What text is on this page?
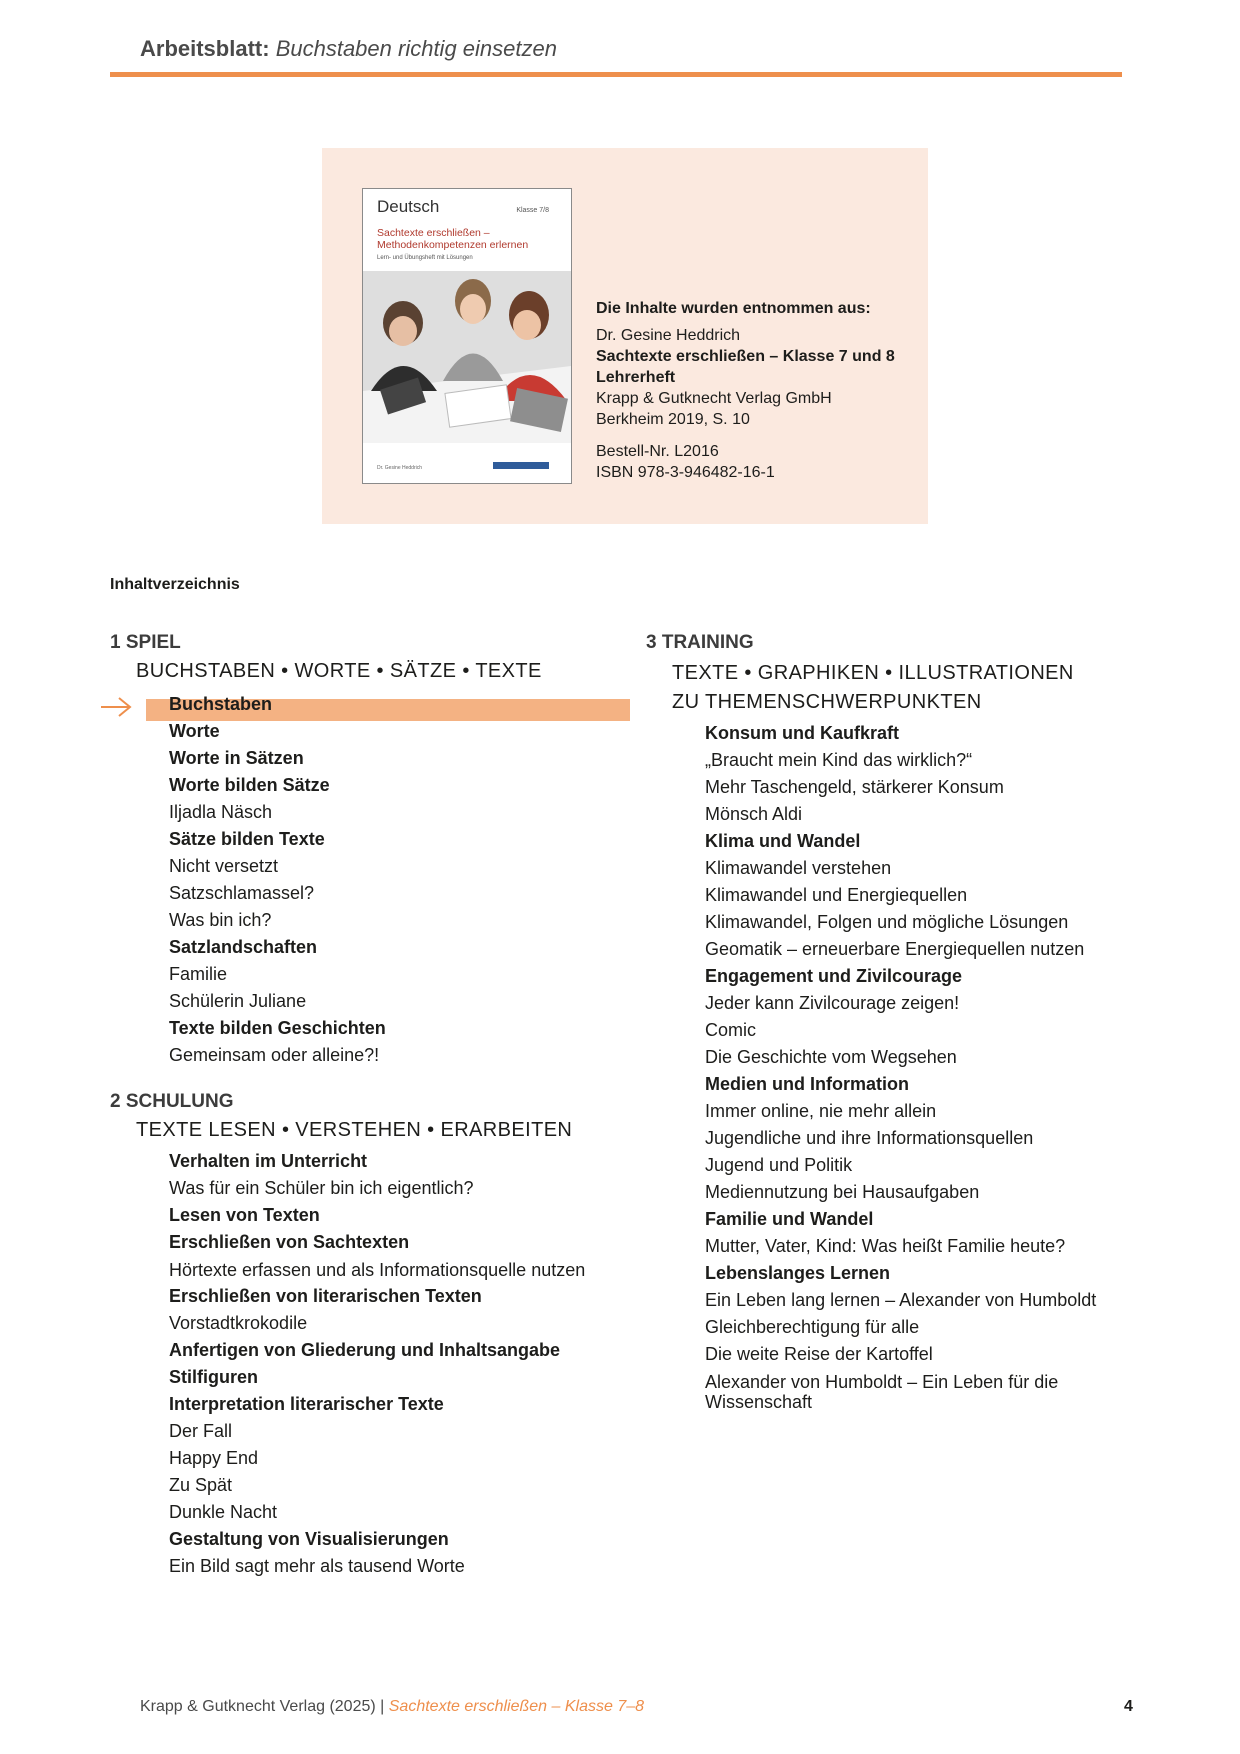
Arbeitsblatt: Buchstaben richtig einsetzen
Deutsch	Klasse 7/8
Sachtexte erschließen – Methodenkompetenzen erlernen
Lern- und Übungsheft mit Lösungen
Dr. Gesine Heddrich
Die Inhalte wurden entnommen aus:
Dr. Gesine Heddrich
Sachtexte erschließen – Klasse 7 und 8
Lehrerheft
Krapp & Gutknecht Verlag GmbH
Berkheim 2019, S. 10
Bestell-Nr. L2016
ISBN 978-3-946482-16-1
Inhaltverzeichnis
1 SPIEL
BUCHSTABEN • WORTE • SÄTZE • TEXTE
Buchstaben
Worte
Worte in Sätzen
Worte bilden Sätze
Iljadla Näsch
Sätze bilden Texte
Nicht versetzt
Satzschlamassel?
Was bin ich?
Satzlandschaften
Familie
Schülerin Juliane
Texte bilden Geschichten
Gemeinsam oder alleine?!
2 SCHULUNG
TEXTE LESEN • VERSTEHEN • ERARBEITEN
Verhalten im Unterricht
Was für ein Schüler bin ich eigentlich?
Lesen von Texten
Erschließen von Sachtexten
Hörtexte erfassen und als Informationsquelle nutzen
Erschließen von literarischen Texten
Vorstadtkrokodile
Anfertigen von Gliederung und Inhaltsangabe
Stilfiguren
Interpretation literarischer Texte
Der Fall
Happy End
Zu Spät
Dunkle Nacht
Gestaltung von Visualisierungen
Ein Bild sagt mehr als tausend Worte
3 TRAINING
TEXTE • GRAPHIKEN • ILLUSTRATIONEN
ZU THEMENSCHWERPUNKTEN
Konsum und Kaufkraft
„Braucht mein Kind das wirklich?“
Mehr Taschengeld, stärkerer Konsum
Mönsch Aldi
Klima und Wandel
Klimawandel verstehen
Klimawandel und Energiequellen
Klimawandel, Folgen und mögliche Lösungen
Geomatik – erneuerbare Energiequellen nutzen
Engagement und Zivilcourage
Jeder kann Zivilcourage zeigen!
Comic
Die Geschichte vom Wegsehen
Medien und Information
Immer online, nie mehr allein
Jugendliche und ihre Informationsquellen
Jugend und Politik
Mediennutzung bei Hausaufgaben
Familie und Wandel
Mutter, Vater, Kind: Was heißt Familie heute?
Lebenslanges Lernen
Ein Leben lang lernen – Alexander von Humboldt
Gleichberechtigung für alle
Die weite Reise der Kartoffel
Alexander von Humboldt – Ein Leben für die Wissenschaft
Krapp & Gutknecht Verlag (2025) | Sachtexte erschließen – Klasse 7–8	4
